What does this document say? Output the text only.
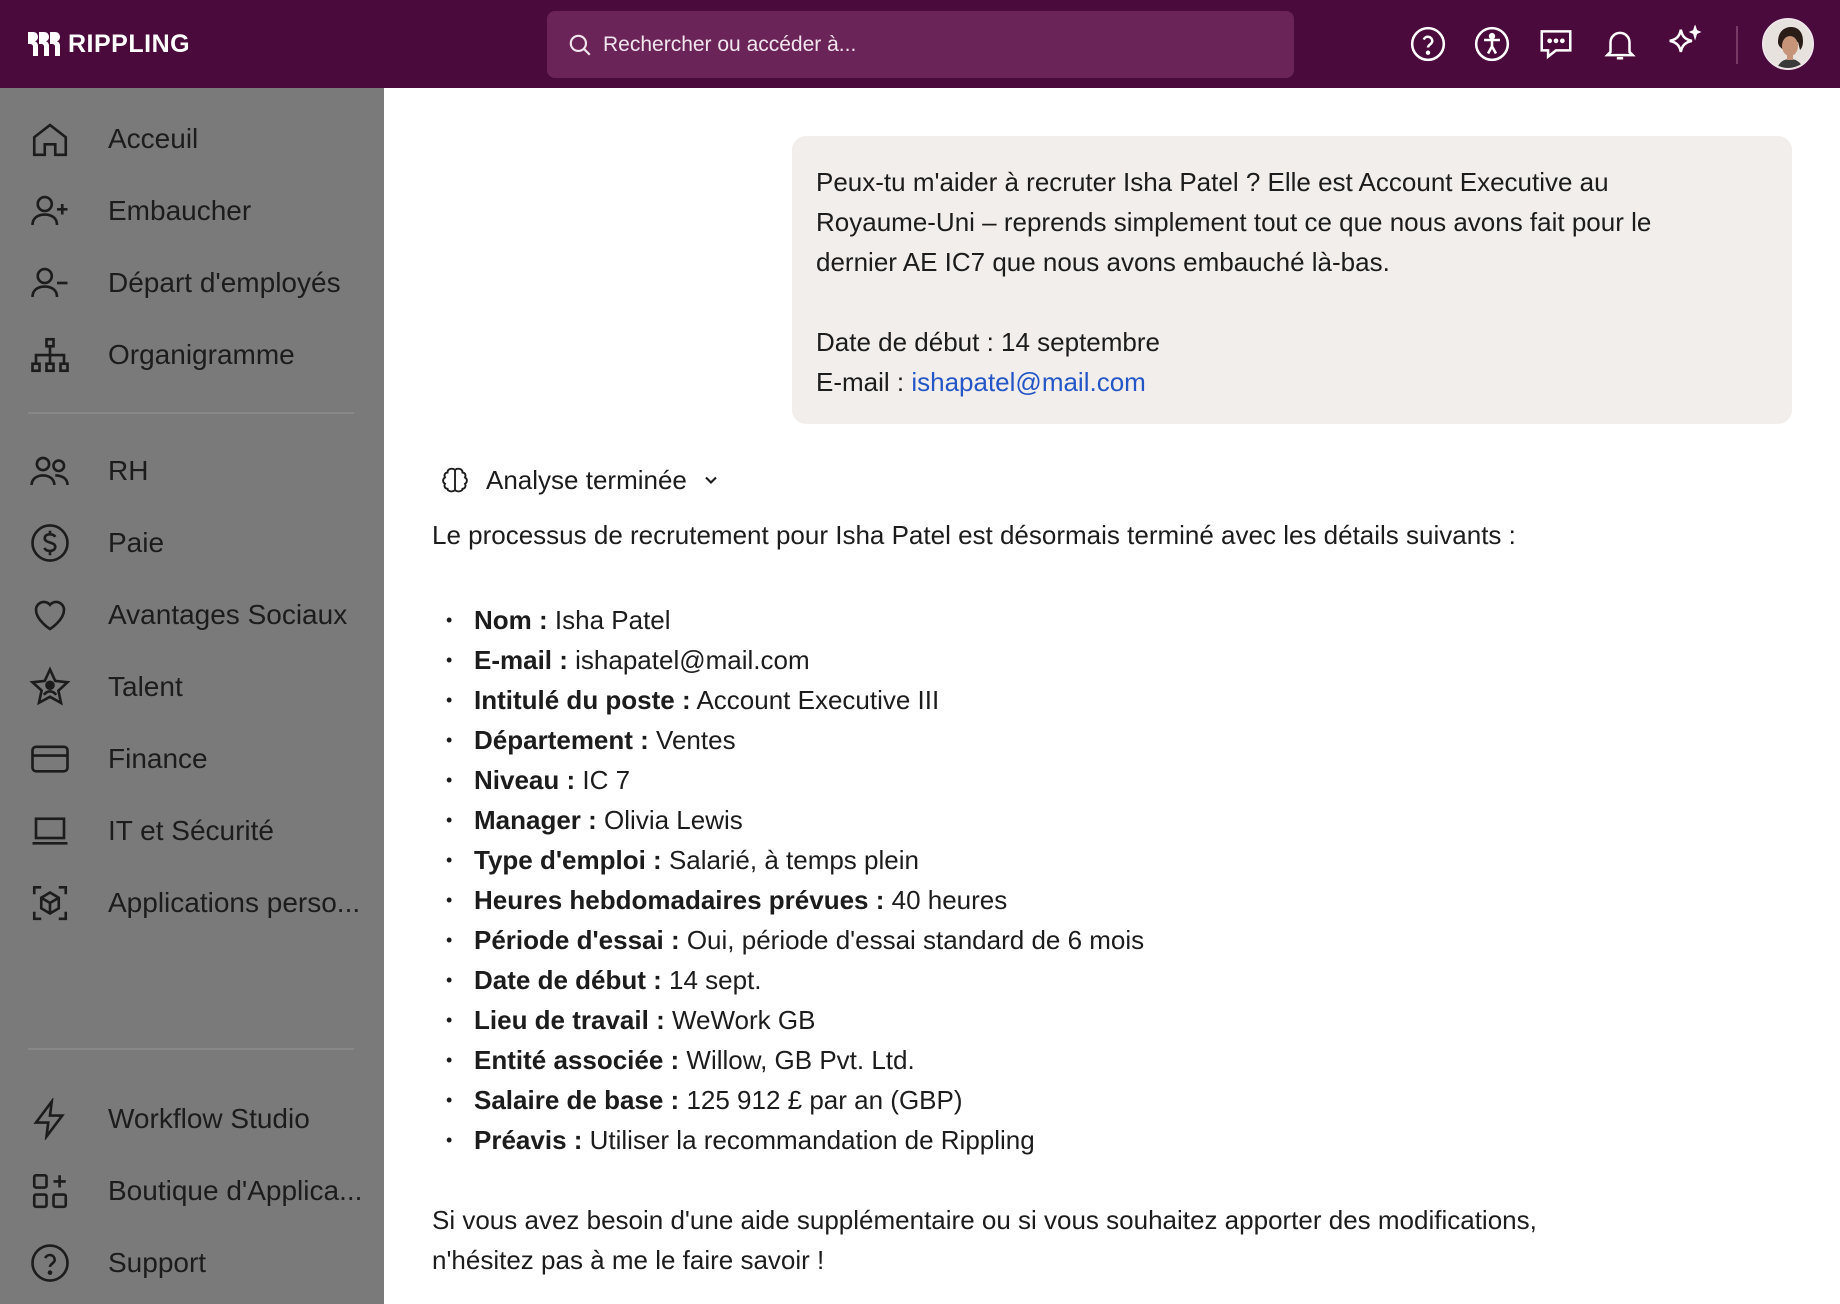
RIPPLING
Rechercher ou accéder à...
Acceuil
Embaucher
Départ d'employés
Organigramme
RH
Paie
Avantages Sociaux
Talent
Finance
IT et Sécurité
Applications perso...
Workflow Studio
Boutique d'Applica...
Support

Peux-tu m'aider à recruter Isha Patel ? Elle est Account Executive au

Royaume-Uni – reprends simplement tout ce que nous avons fait pour le

dernier AE IC7 que nous avons embauché là-bas.

Date de début : 14 septembre

E-mail : ishapatel@mail.com

Analyse terminée

Le processus de recrutement pour Isha Patel est désormais terminé avec les détails suivants :

• Nom : Isha Patel
• E-mail : ishapatel@mail.com
• Intitulé du poste : Account Executive III
• Département : Ventes
• Niveau : IC 7
• Manager : Olivia Lewis
• Type d'emploi : Salarié, à temps plein
• Heures hebdomadaires prévues : 40 heures
• Période d'essai : Oui, période d'essai standard de 6 mois
• Date de début : 14 sept.
• Lieu de travail : WeWork GB
• Entité associée : Willow, GB Pvt. Ltd.
• Salaire de base : 125 912 £ par an (GBP)
• Préavis : Utiliser la recommandation de Rippling

Si vous avez besoin d'une aide supplémentaire ou si vous souhaitez apporter des modifications,

n'hésitez pas à me le faire savoir !
